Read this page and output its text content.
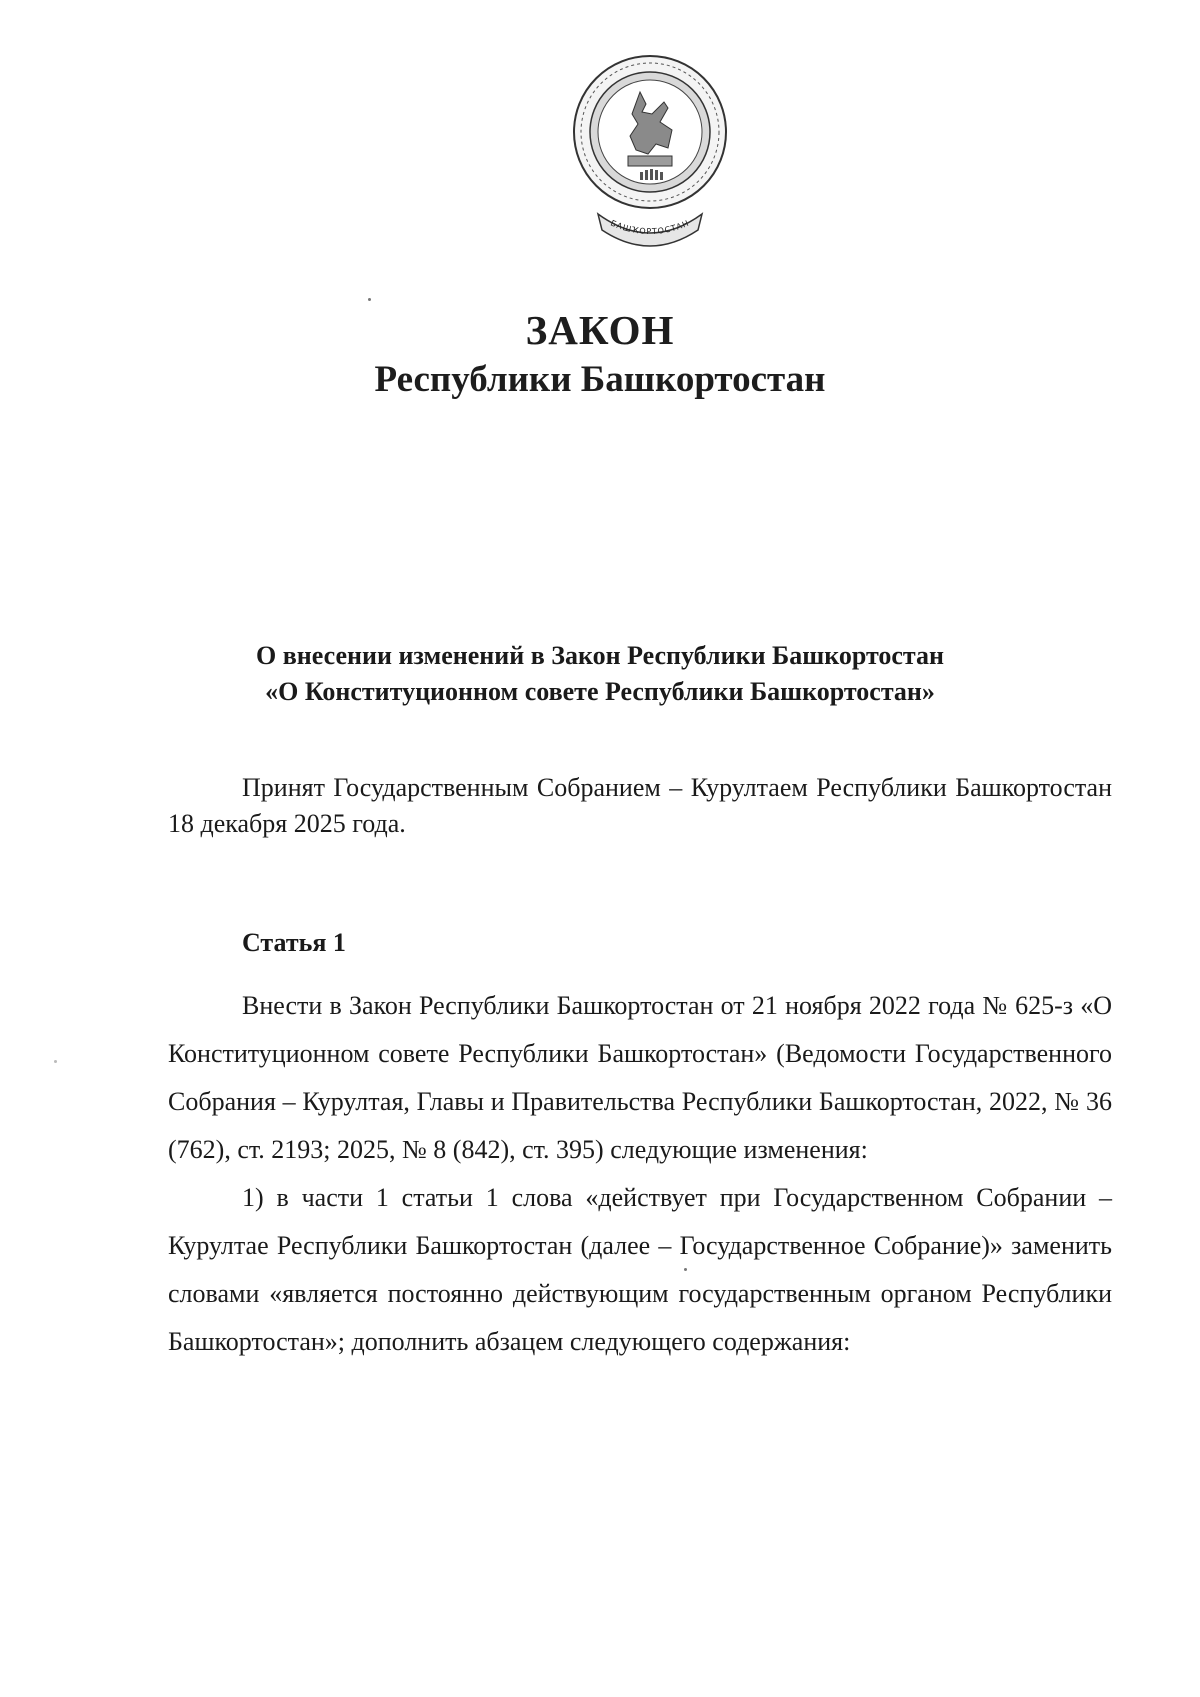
БАШҠОРТОСТАН
ЗАКОН
Республики Башкортостан
О внесении изменений в Закон Республики Башкортостан
«О Конституционном совете Республики Башкортостан»
Принят Государственным Собранием – Курултаем Республики Башкортостан 18 декабря 2025 года.
Статья 1

Внести в Закон Республики Башкортостан от 21 ноября 2022 года № 625-з «О Конституционном совете Республики Башкортостан» (Ведомости Государственного Собрания – Курултая, Главы и Правительства Республики Башкортостан, 2022, № 36 (762), ст. 2193; 2025, № 8 (842), ст. 395) следующие изменения:

1) в части 1 статьи 1 слова «действует при Государственном Собрании – Курултае Республики Башкортостан (далее – Государственное Собрание)» заменить словами «является постоянно действующим государственным органом Республики Башкортостан»; дополнить абзацем следующего содержания:
